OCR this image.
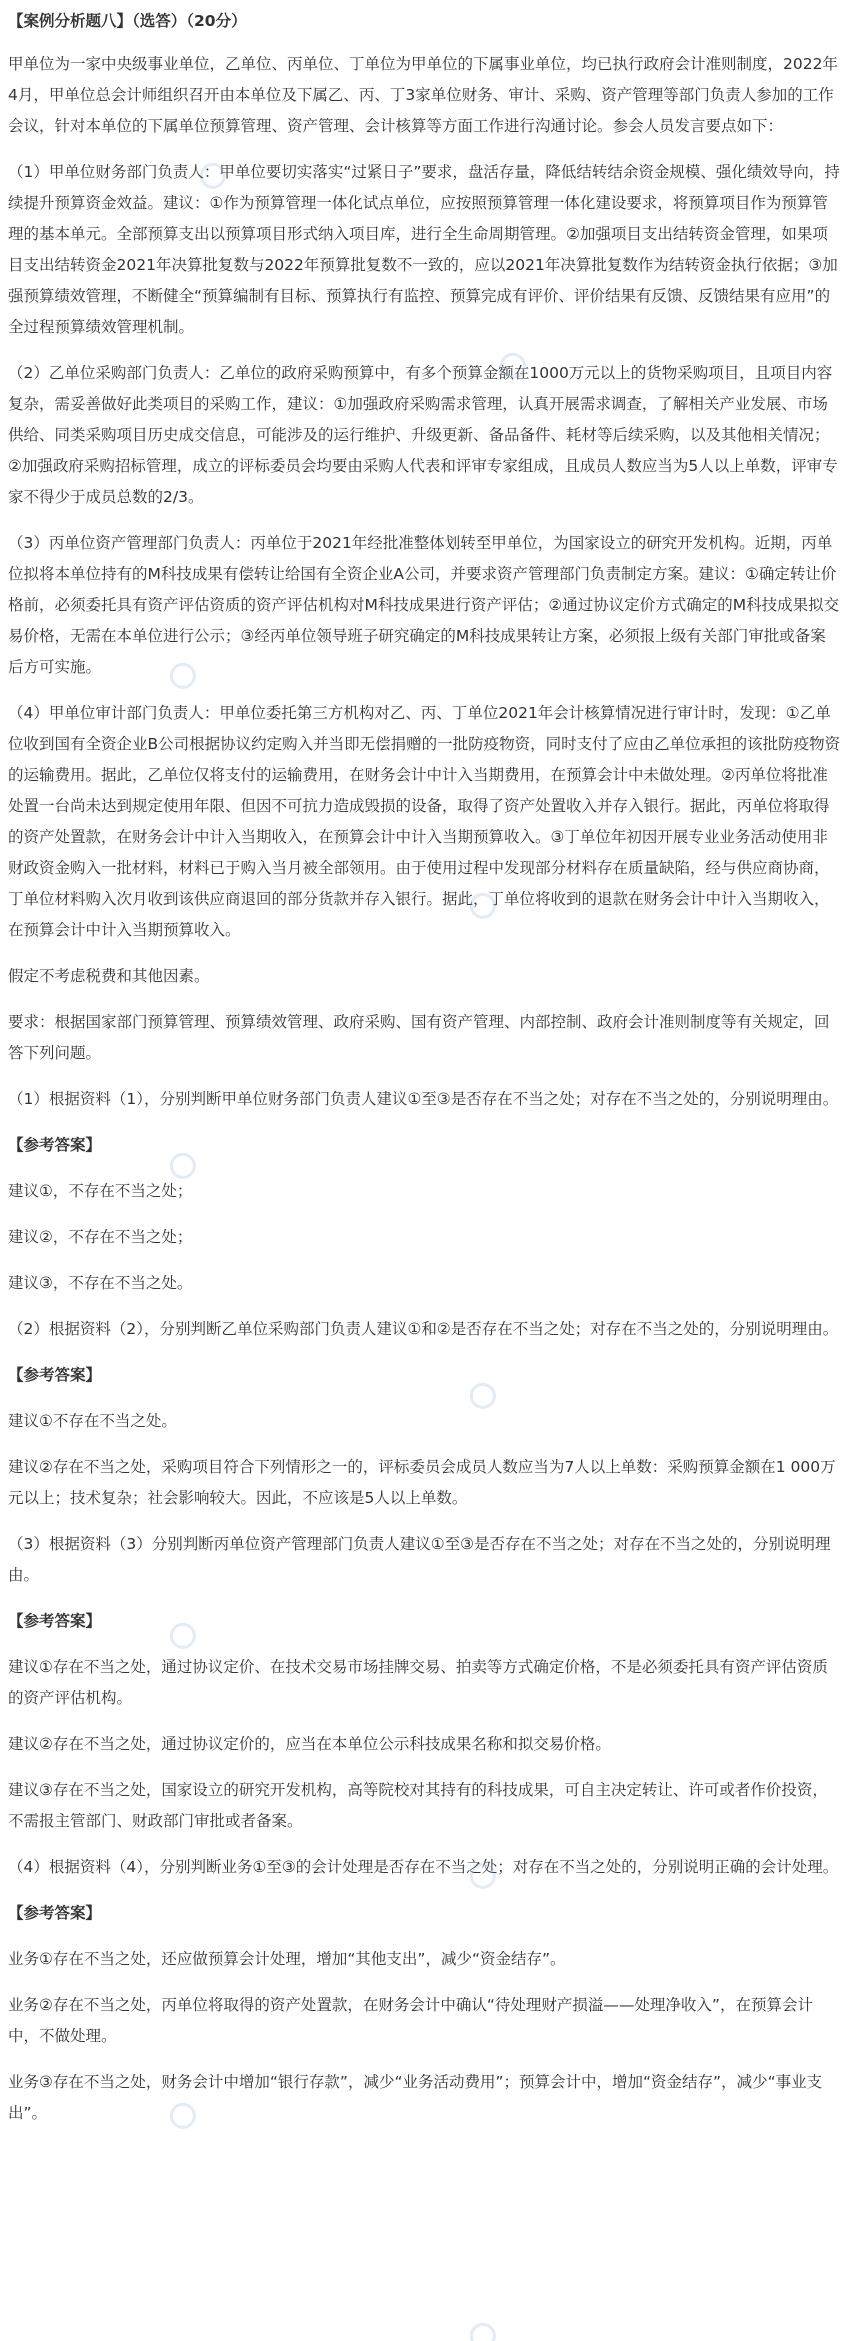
【案例分析题八】（选答）（20分）

甲单位为一家中央级事业单位，乙单位、丙单位、丁单位为甲单位的下属事业单位，均已执行政府会计准则制度，2022年4月，甲单位总会计师组织召开由本单位及下属乙、丙、丁3家单位财务、审计、采购、资产管理等部门负责人参加的工作会议，针对本单位的下属单位预算管理、资产管理、会计核算等方面工作进行沟通讨论。参会人员发言要点如下：

（1）甲单位财务部门负责人：甲单位要切实落实“过紧日子”要求，盘活存量，降低结转结余资金规模、强化绩效导向，持续提升预算资金效益。建议：①作为预算管理一体化试点单位，应按照预算管理一体化建设要求，将预算项目作为预算管理的基本单元。全部预算支出以预算项目形式纳入项目库，进行全生命周期管理。②加强项目支出结转资金管理，如果项目支出结转资金2021年决算批复数与2022年预算批复数不一致的，应以2021年决算批复数作为结转资金执行依据；③加强预算绩效管理，不断健全“预算编制有目标、预算执行有监控、预算完成有评价、评价结果有反馈、反馈结果有应用”的全过程预算绩效管理机制。

（2）乙单位采购部门负责人：乙单位的政府采购预算中，有多个预算金额在1000万元以上的货物采购项目，且项目内容复杂，需妥善做好此类项目的采购工作，建议：①加强政府采购需求管理，认真开展需求调查，了解相关产业发展、市场供给、同类采购项目历史成交信息，可能涉及的运行维护、升级更新、备品备件、耗材等后续采购，以及其他相关情况；②加强政府采购招标管理，成立的评标委员会均要由采购人代表和评审专家组成，且成员人数应当为5人以上单数，评审专家不得少于成员总数的2/3。

（3）丙单位资产管理部门负责人：丙单位于2021年经批准整体划转至甲单位，为国家设立的研究开发机构。近期，丙单位拟将本单位持有的M科技成果有偿转让给国有全资企业A公司，并要求资产管理部门负责制定方案。建议：①确定转让价格前，必须委托具有资产评估资质的资产评估机构对M科技成果进行资产评估；②通过协议定价方式确定的M科技成果拟交易价格，无需在本单位进行公示；③经丙单位领导班子研究确定的M科技成果转让方案，必须报上级有关部门审批或备案后方可实施。

（4）甲单位审计部门负责人：甲单位委托第三方机构对乙、丙、丁单位2021年会计核算情况进行审计时，发现：①乙单位收到国有全资企业B公司根据协议约定购入并当即无偿捐赠的一批防疫物资，同时支付了应由乙单位承担的该批防疫物资的运输费用。据此，乙单位仅将支付的运输费用，在财务会计中计入当期费用，在预算会计中未做处理。②丙单位将批准处置一台尚未达到规定使用年限、但因不可抗力造成毁损的设备，取得了资产处置收入并存入银行。据此，丙单位将取得的资产处置款，在财务会计中计入当期收入，在预算会计中计入当期预算收入。③丁单位年初因开展专业业务活动使用非财政资金购入一批材料，材料已于购入当月被全部领用。由于使用过程中发现部分材料存在质量缺陷，经与供应商协商，丁单位材料购入次月收到该供应商退回的部分货款并存入银行。据此，丁单位将收到的退款在财务会计中计入当期收入，在预算会计中计入当期预算收入。

假定不考虑税费和其他因素。

要求：根据国家部门预算管理、预算绩效管理、政府采购、国有资产管理、内部控制、政府会计准则制度等有关规定，回答下列问题。

（1）根据资料（1），分别判断甲单位财务部门负责人建议①至③是否存在不当之处；对存在不当之处的，分别说明理由。

【参考答案】

建议①，不存在不当之处；

建议②，不存在不当之处；

建议③，不存在不当之处。

（2）根据资料（2），分别判断乙单位采购部门负责人建议①和②是否存在不当之处；对存在不当之处的，分别说明理由。

【参考答案】

建议①不存在不当之处。

建议②存在不当之处，采购项目符合下列情形之一的，评标委员会成员人数应当为7人以上单数：采购预算金额在1 000万元以上；技术复杂；社会影响较大。因此，不应该是5人以上单数。

（3）根据资料（3）分别判断丙单位资产管理部门负责人建议①至③是否存在不当之处；对存在不当之处的，分别说明理由。

【参考答案】

建议①存在不当之处，通过协议定价、在技术交易市场挂牌交易、拍卖等方式确定价格，不是必须委托具有资产评估资质的资产评估机构。

建议②存在不当之处，通过协议定价的，应当在本单位公示科技成果名称和拟交易价格。

建议③存在不当之处，国家设立的研究开发机构，高等院校对其持有的科技成果，可自主决定转让、许可或者作价投资，不需报主管部门、财政部门审批或者备案。

（4）根据资料（4），分别判断业务①至③的会计处理是否存在不当之处；对存在不当之处的，分别说明正确的会计处理。

【参考答案】

业务①存在不当之处，还应做预算会计处理，增加“其他支出”，减少“资金结存”。

业务②存在不当之处，丙单位将取得的资产处置款，在财务会计中确认“待处理财产损溢——处理净收入”，在预算会计中，不做处理。

业务③存在不当之处，财务会计中增加“银行存款”，减少“业务活动费用”；预算会计中，增加“资金结存”，减少“事业支出”。
